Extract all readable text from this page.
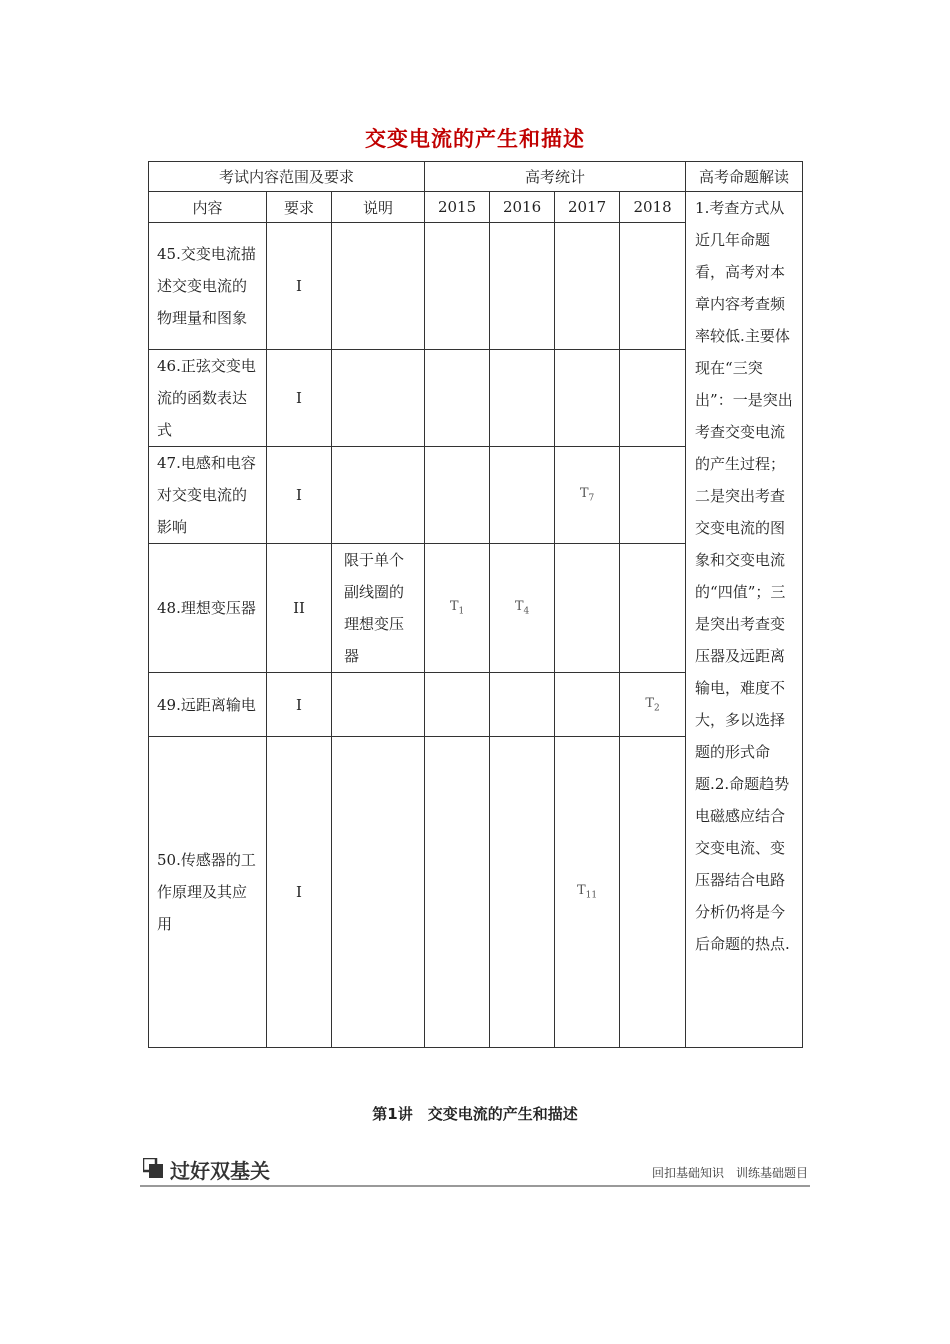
交变电流的产生和描述
考试内容范围及要求			高考统计				高考命题解读
内容	要求	说明	2015	2016	2017	2018	1.考查方式从近几年命题看，高考对本章内容考查频率较低.主要体现在“三突出”：一是突出考查交变电流的产生过程；二是突出考查交变电流的图象和交变电流的“四值”；三是突出考查变压器及远距离输电，难度不大，多以选择题的形式命题.2.命题趋势电磁感应结合交变电流、变压器结合电路分析仍将是今后命题的热点.
45.交变电流描述交变电流的物理量和图象	I						
46.正弦交变电流的函数表达式	I						
47.电感和电容对交变电流的影响	I				$T_7$	
48.理想变压器	II	限于单个副线圈的理想变压器	$T_1$	$T_4$		
49.远距离输电	I					$T_2$
50.传感器的工作原理及其应用	I				$T_{11}$	
第1讲　交变电流的产生和描述
过好双基关	回扣基础知识　训练基础题目
